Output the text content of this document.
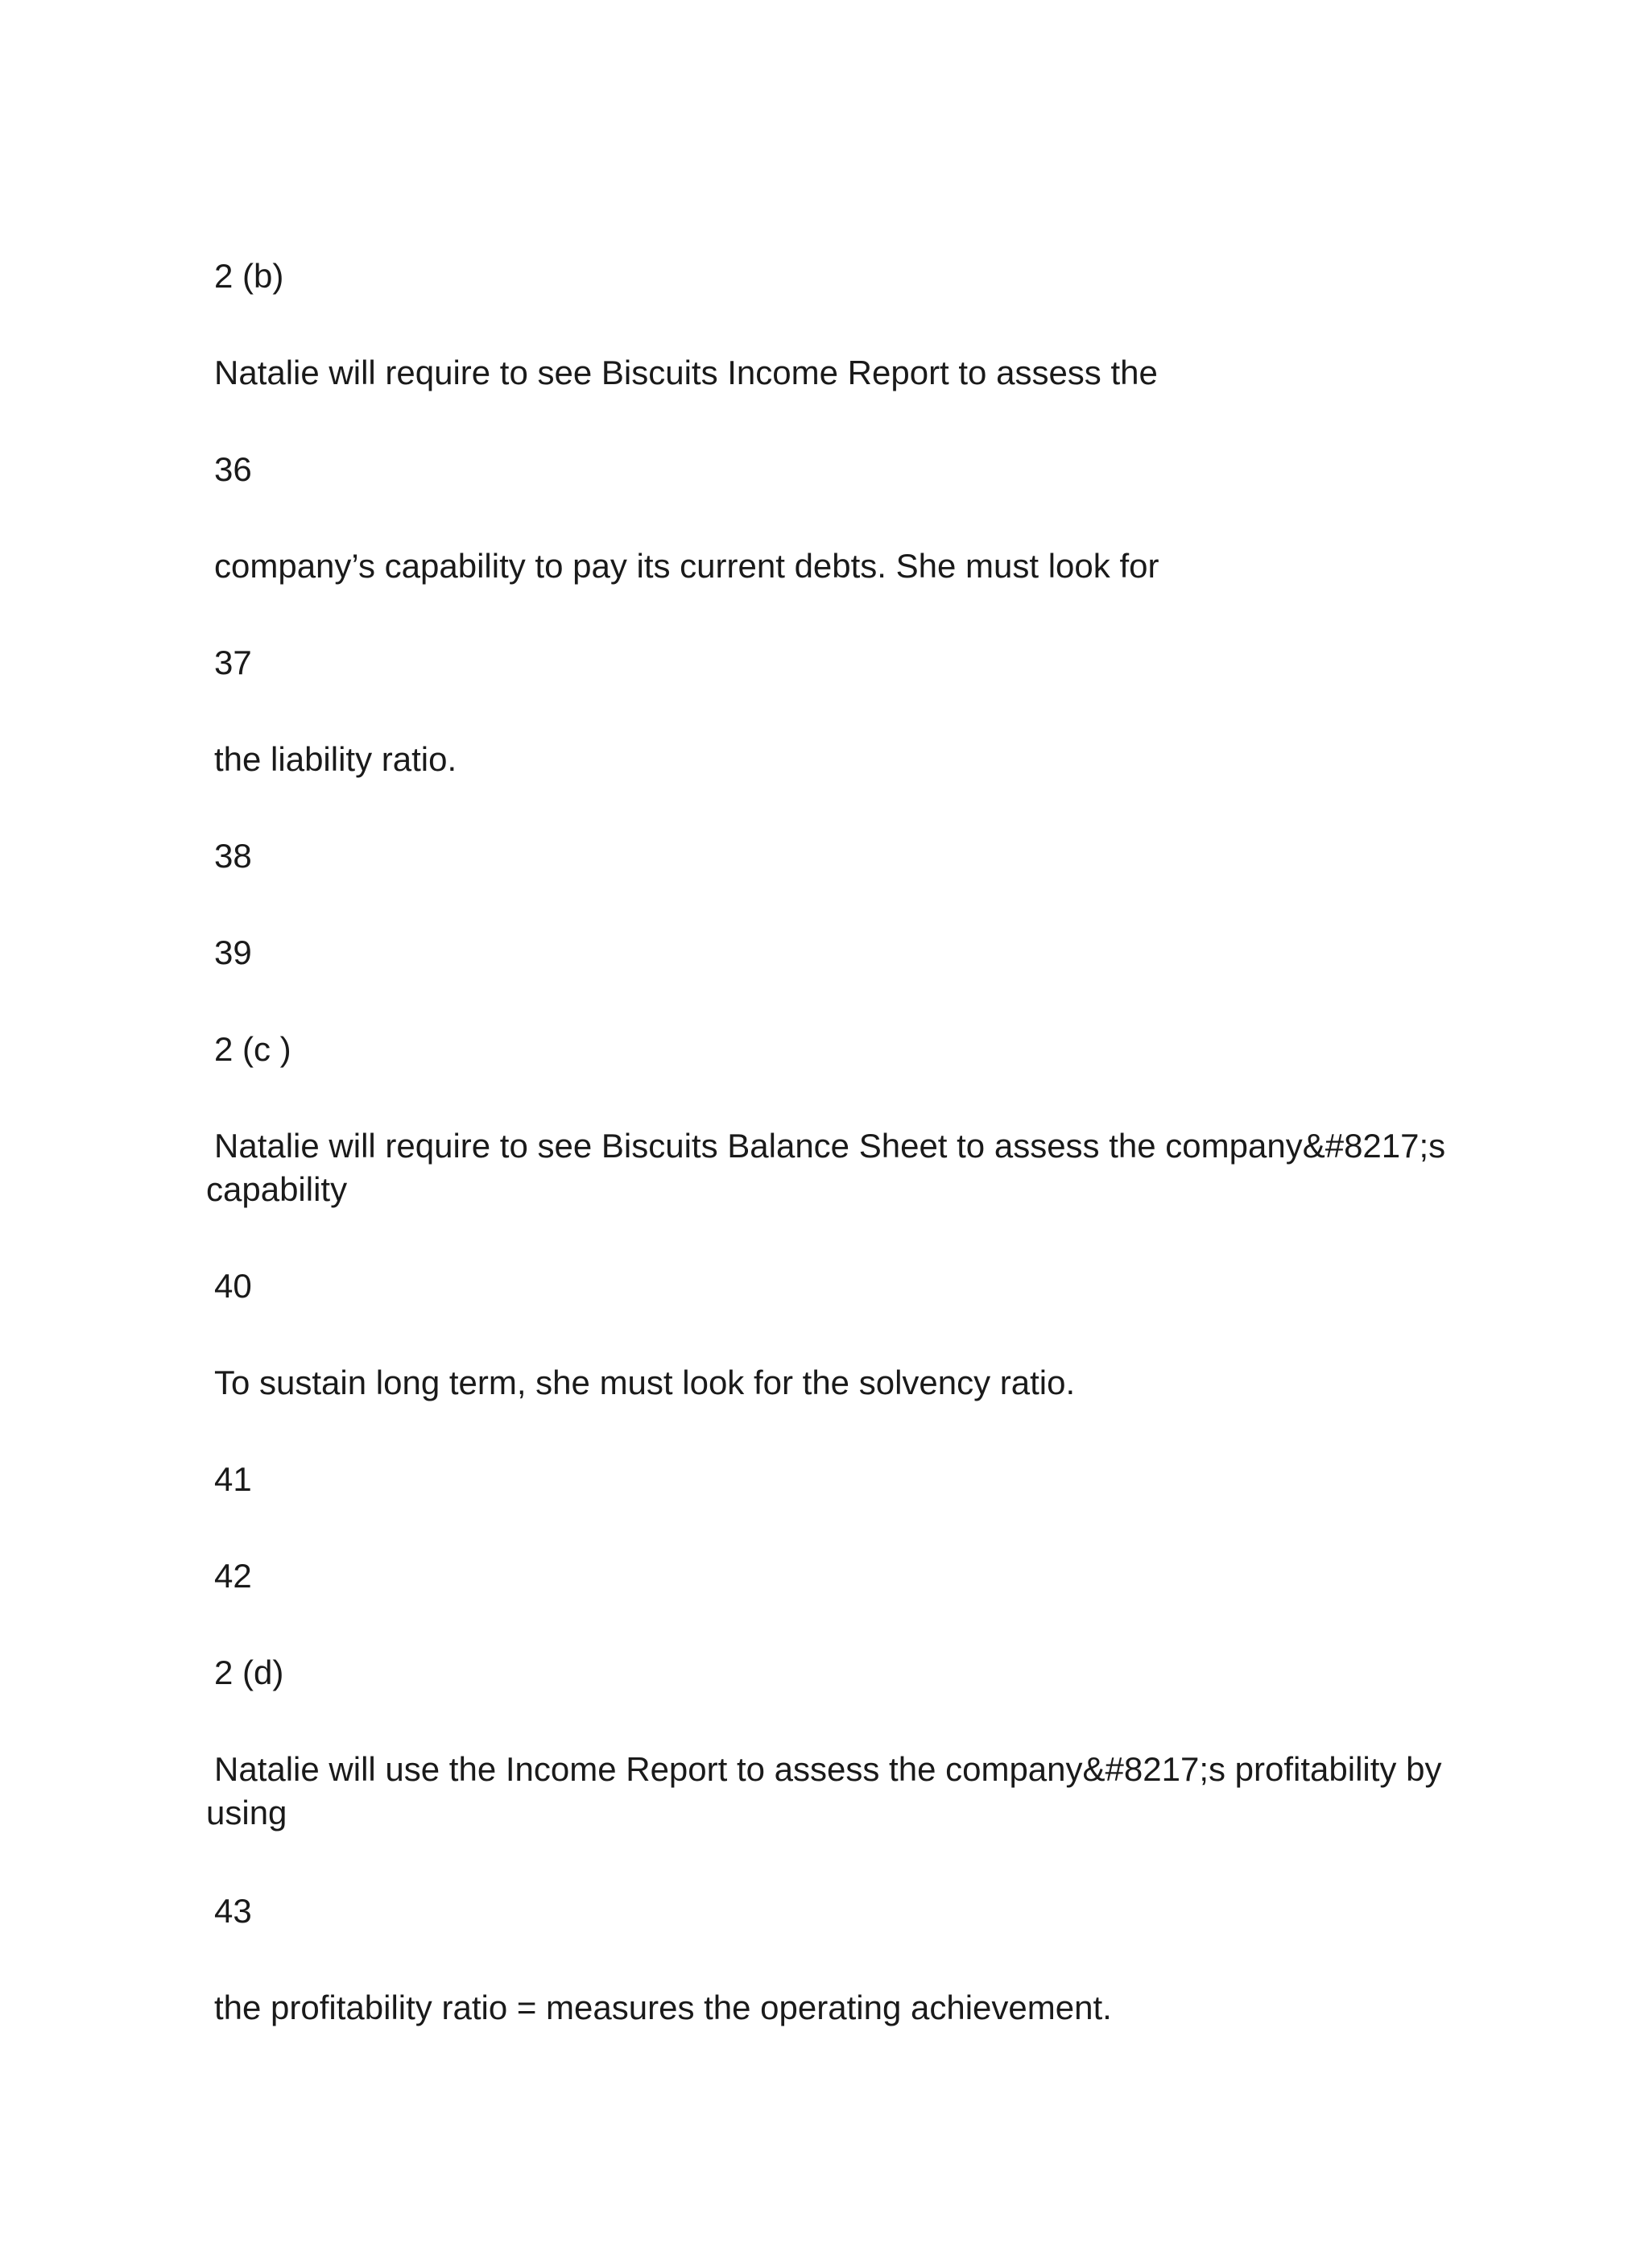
2 (b)
Natalie will require to see Biscuits Income Report to assess the
36
company’s capability to pay its current debts. She must look for
37
the liability ratio.
38
39
2 (c )
Natalie will require to see Biscuits Balance Sheet to assess the company&#8217;s capability
40
To sustain long term, she must look for the solvency ratio.
41
42
2 (d)
Natalie will use the Income Report to assess the company&#8217;s profitability by using
43
the profitability ratio = measures the operating achievement.
